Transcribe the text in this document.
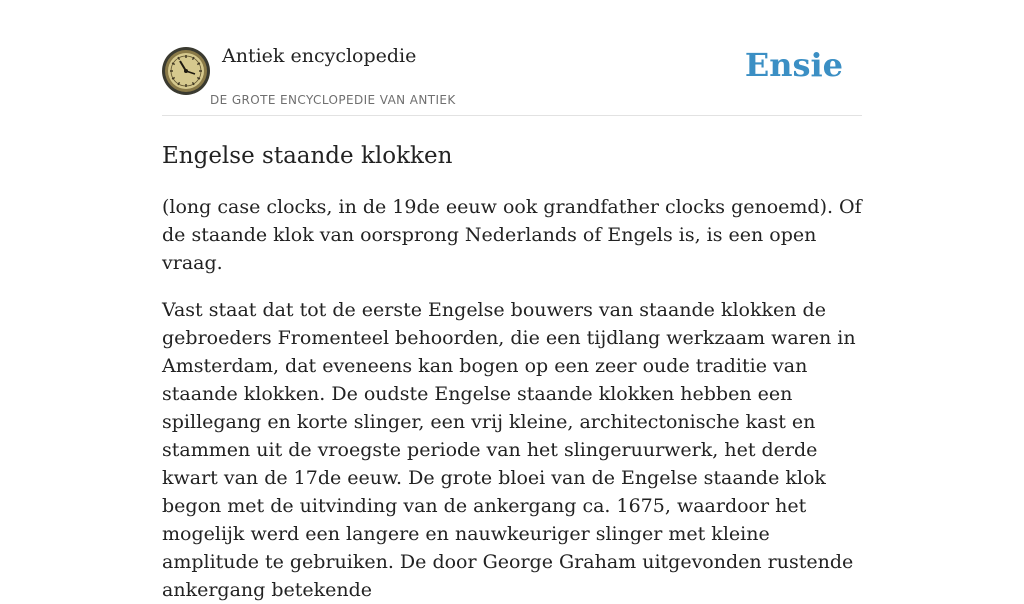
Antiek encyclopedie
DE GROTE ENCYCLOPEDIE VAN ANTIEK
Ensie
Engelse staande klokken

(long case clocks, in de 19de eeuw ook grandfather clocks genoemd). Of de staande klok van oorsprong Nederlands of Engels is, is een open vraag.

Vast staat dat tot de eerste Engelse bouwers van staande klokken de gebroeders Fromenteel behoorden, die een tijdlang werkzaam waren in Amsterdam, dat eveneens kan bogen op een zeer oude traditie van staande klokken. De oudste Engelse staande klokken hebben een spillegang en korte slinger, een vrij kleine, architectonische kast en stammen uit de vroegste periode van het slingeruurwerk, het derde kwart van de 17de eeuw. De grote bloei van de Engelse staande klok begon met de uitvinding van de ankergang ca. 1675, waardoor het mogelijk werd een langere en nauwkeuriger slinger met kleine amplitude te gebruiken. De door George Graham uitgevonden rustende ankergang betekende
